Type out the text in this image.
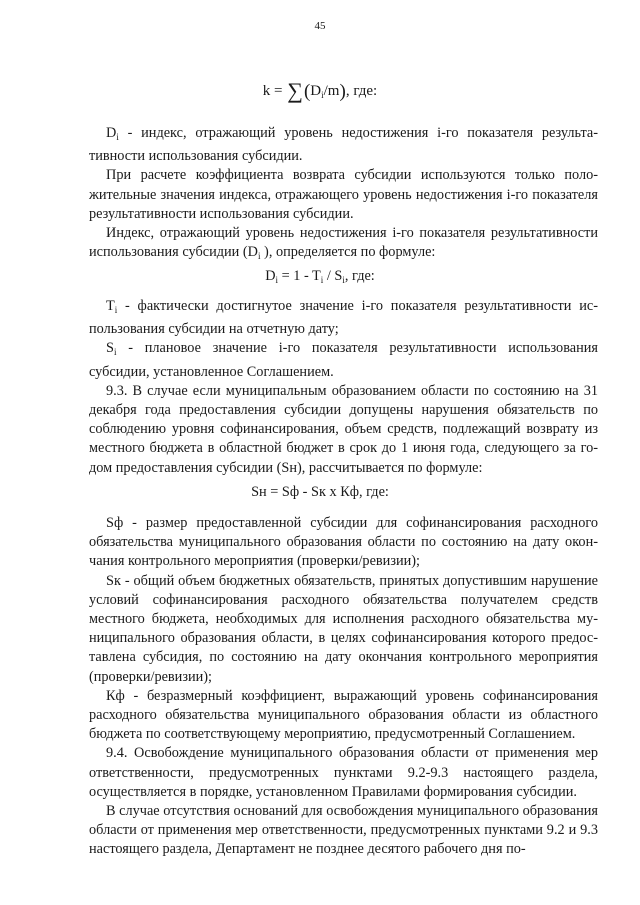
45
$k = \sum(D_i/m)$, где:

$D_i$ - индекс, отражающий уровень недостижения i-го показателя результативности использования субсидии.

При расчете коэффициента возврата субсидии используются только положительные значения индекса, отражающего уровень недостижения i-го показателя результативности использования субсидии.

Индекс, отражающий уровень недостижения i-го показателя результативности использования субсидии ($D_i$ ), определяется по формуле:

$D_i = 1 - T_i / S_i$, где:

$T_i$ - фактически достигнутое значение i-го показателя результативности использования субсидии на отчетную дату;

$S_i$ - плановое значение i-го показателя результативности использования субсидии, установленное Соглашением.

9.3. В случае если муниципальным образованием области по состоянию на 31 декабря года предоставления субсидии допущены нарушения обязательств по соблюдению уровня софинансирования, объем средств, подлежащий возврату из местного бюджета в областной бюджет в срок до 1 июня года, следующего за годом предоставления субсидии (Sн), рассчитывается по формуле:

Sн = Sф - Sк x Кф, где:

Sф - размер предоставленной субсидии для софинансирования расходного обязательства муниципального образования области по состоянию на дату окончания контрольного мероприятия (проверки/ревизии);

Sк - общий объем бюджетных обязательств, принятых допустившим нарушение условий софинансирования расходного обязательства получателем средств местного бюджета, необходимых для исполнения расходного обязательства муниципального образования области, в целях софинансирования которого предоставлена субсидия, по состоянию на дату окончания контрольного мероприятия (проверки/ревизии);

Кф - безразмерный коэффициент, выражающий уровень софинансирования расходного обязательства муниципального образования области из областного бюджета по соответствующему мероприятию, предусмотренный Соглашением.

9.4. Освобождение муниципального образования области от применения мер ответственности, предусмотренных пунктами 9.2-9.3 настоящего раздела, осуществляется в порядке, установленном Правилами формирования субсидии.

В случае отсутствия оснований для освобождения муниципального образования области от применения мер ответственности, предусмотренных пунктами 9.2 и 9.3 настоящего раздела, Департамент не позднее десятого рабочего дня по-
